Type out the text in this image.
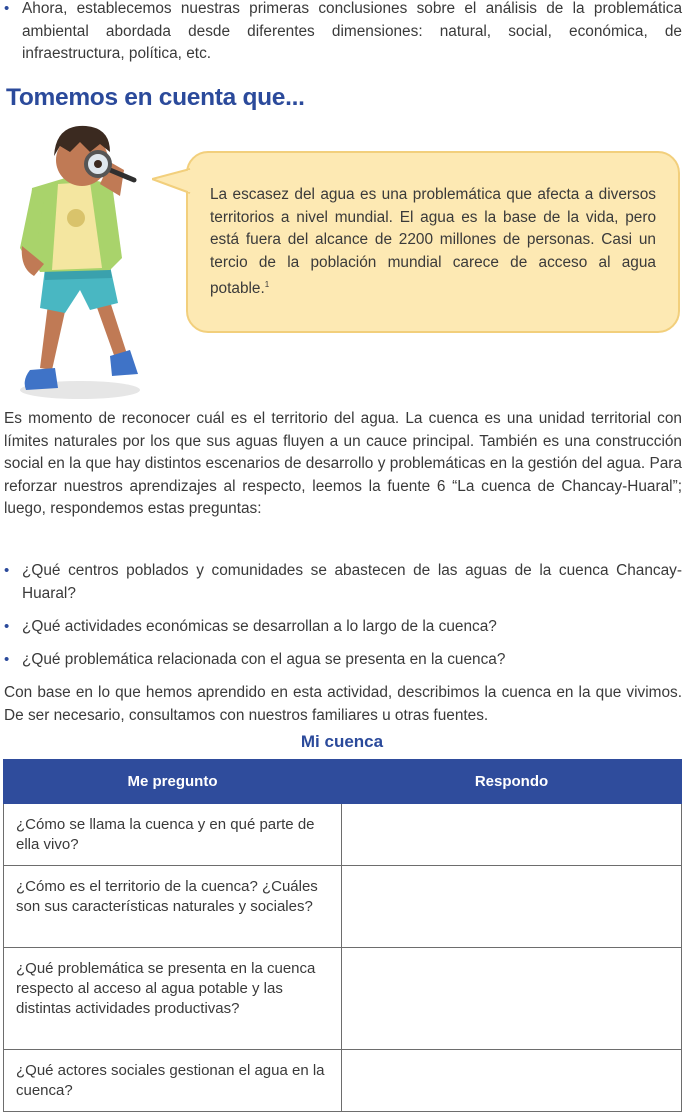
• Ahora, establecemos nuestras primeras conclusiones sobre el análisis de la problemática ambiental abordada desde diferentes dimensiones: natural, social, económica, de infraestructura, política, etc.
Tomemos en cuenta que...
La escasez del agua es una problemática que afecta a diversos territorios a nivel mundial. El agua es la base de la vida, pero está fuera del alcance de 2200 millones de personas. Casi un tercio de la población mundial carece de acceso al agua potable.$^1$
Es momento de reconocer cuál es el territorio del agua. La cuenca es una unidad territorial con límites naturales por los que sus aguas fluyen a un cauce principal. También es una construcción social en la que hay distintos escenarios de desarrollo y problemáticas en la gestión del agua. Para reforzar nuestros aprendizajes al respecto, leemos la fuente 6 “La cuenca de Chancay-Huaral”; luego, respondemos estas preguntas:
• ¿Qué centros poblados y comunidades se abastecen de las aguas de la cuenca Chancay-Huaral?
• ¿Qué actividades económicas se desarrollan a lo largo de la cuenca?
• ¿Qué problemática relacionada con el agua se presenta en la cuenca?
Con base en lo que hemos aprendido en esta actividad, describimos la cuenca en la que vivimos. De ser necesario, consultamos con nuestros familiares u otras fuentes.
Mi cuenca
Me pregunto	Respondo
¿Cómo se llama la cuenca y en qué parte de ella vivo?	
¿Cómo es el territorio de la cuenca? ¿Cuáles son sus características naturales y sociales?	
¿Qué problemática se presenta en la cuenca respecto al acceso al agua potable y las distintas actividades productivas?	
¿Qué actores sociales gestionan el agua en la cuenca?	
